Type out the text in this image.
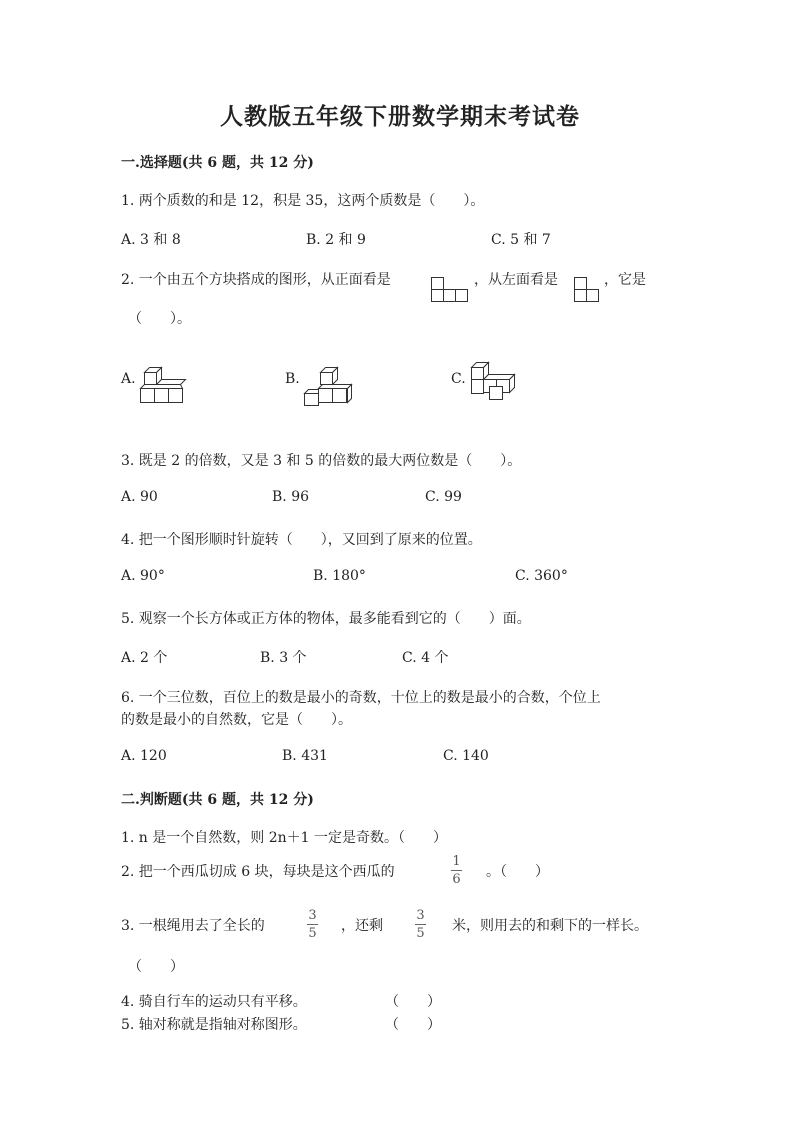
人教版五年级下册数学期末考试卷
一.选择题(共 6 题，共 12 分)
1. 两个质数的和是 12，积是 35，这两个质数是（　　）。
A. 3 和 8	B. 2 和 9	C. 5 和 7
2. 一个由五个方块搭成的图形，从正面看是	，从左面看是	，它是
（　　）。
A.	B.	C.
3. 既是 2 的倍数，又是 3 和 5 的倍数的最大两位数是（　　）。
A. 90	B. 96	C. 99
4. 把一个图形顺时针旋转（　　），又回到了原来的位置。
A. 90°	B. 180°	C. 360°
5. 观察一个长方体或正方体的物体，最多能看到它的（　　）面。
A. 2 个	B. 3 个	C. 4 个
6. 一个三位数，百位上的数是最小的奇数，十位上的数是最小的合数，个位上
的数是最小的自然数，它是（　　）。
A. 120	B. 431	C. 140
二.判断题(共 6 题，共 12 分)
1. n 是一个自然数，则 2n＋1 一定是奇数。（　　）
2. 把一个西瓜切成 6 块，每块是这个西瓜的
1
6 。（　　）
3. 一根绳用去了全长的
3
5 ，还剩
3
5 米，则用去的和剩下的一样长。
（　　）
4. 骑自行车的运动只有平移。	（　　）
5. 轴对称就是指轴对称图形。	（　　）
